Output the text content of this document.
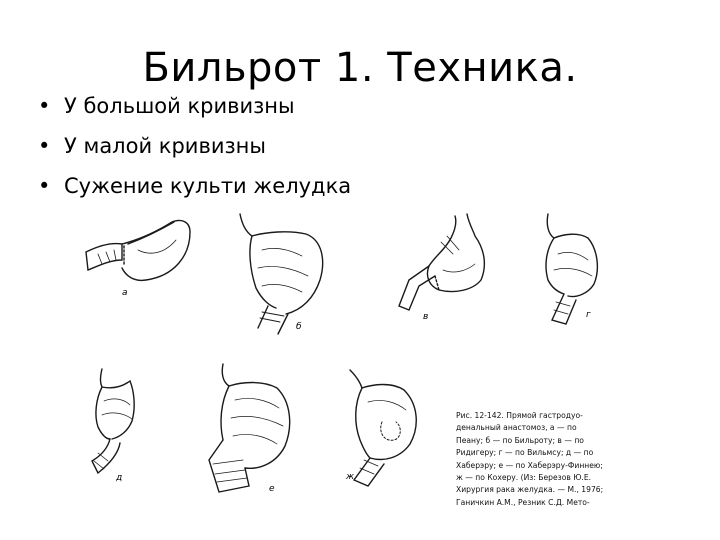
Бильрот 1. Техника.
• У большой кривизны
• У малой кривизны
• Сужение культи желудка
а
б
в	г
д
е
ж
Рис. 12-142. Прямой гастродуо-
денальный анастомоз, а — по
Пеану; б — по Бильроту; в — по
Ридигеру; г — по Вильмсу; д — по
Хаберэру; е — по Хаберэру-Финнею;
ж — по Кохеру. (Из: Березов Ю.Е.
Хирургия рака желудка. — М., 1976;
Ганичкин А.М., Резник С.Д. Мето-
